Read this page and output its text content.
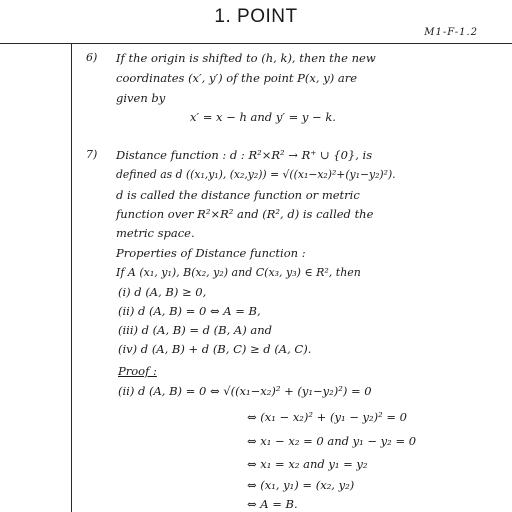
1. POINT
M1-F-1.2
6) If the origin is shifted to (h, k), then the new
coordinates (x′, y′) of the point P(x, y) are
given by
x′ = x − h and y′ = y − k.
7) Distance function : d : R²×R² → R⁺ ∪ {0}, is
defined as d ((x₁,y₁), (x₂,y₂)) = √((x₁−x₂)²+(y₁−y₂)²).
d is called the distance function or metric
function over R²×R² and (R², d) is called the
metric space.
Properties of Distance function :
If A (x₁, y₁), B(x₂, y₂) and C(x₃, y₃) ∈ R², then
(i) d (A, B) ≥ 0,
(ii) d (A, B) = 0 ⇔ A = B,
(iii) d (A, B) = d (B, A) and
(iv) d (A, B) + d (B, C) ≥ d (A, C).
Proof :
(ii) d (A, B) = 0 ⇔ √((x₁−x₂)² + (y₁−y₂)²) = 0
⇔ (x₁ − x₂)² + (y₁ − y₂)² = 0
⇔ x₁ − x₂ = 0 and y₁ − y₂ = 0
⇔ x₁ = x₂ and y₁ = y₂
⇔ (x₁, y₁) = (x₂, y₂)
⇔ A = B.
